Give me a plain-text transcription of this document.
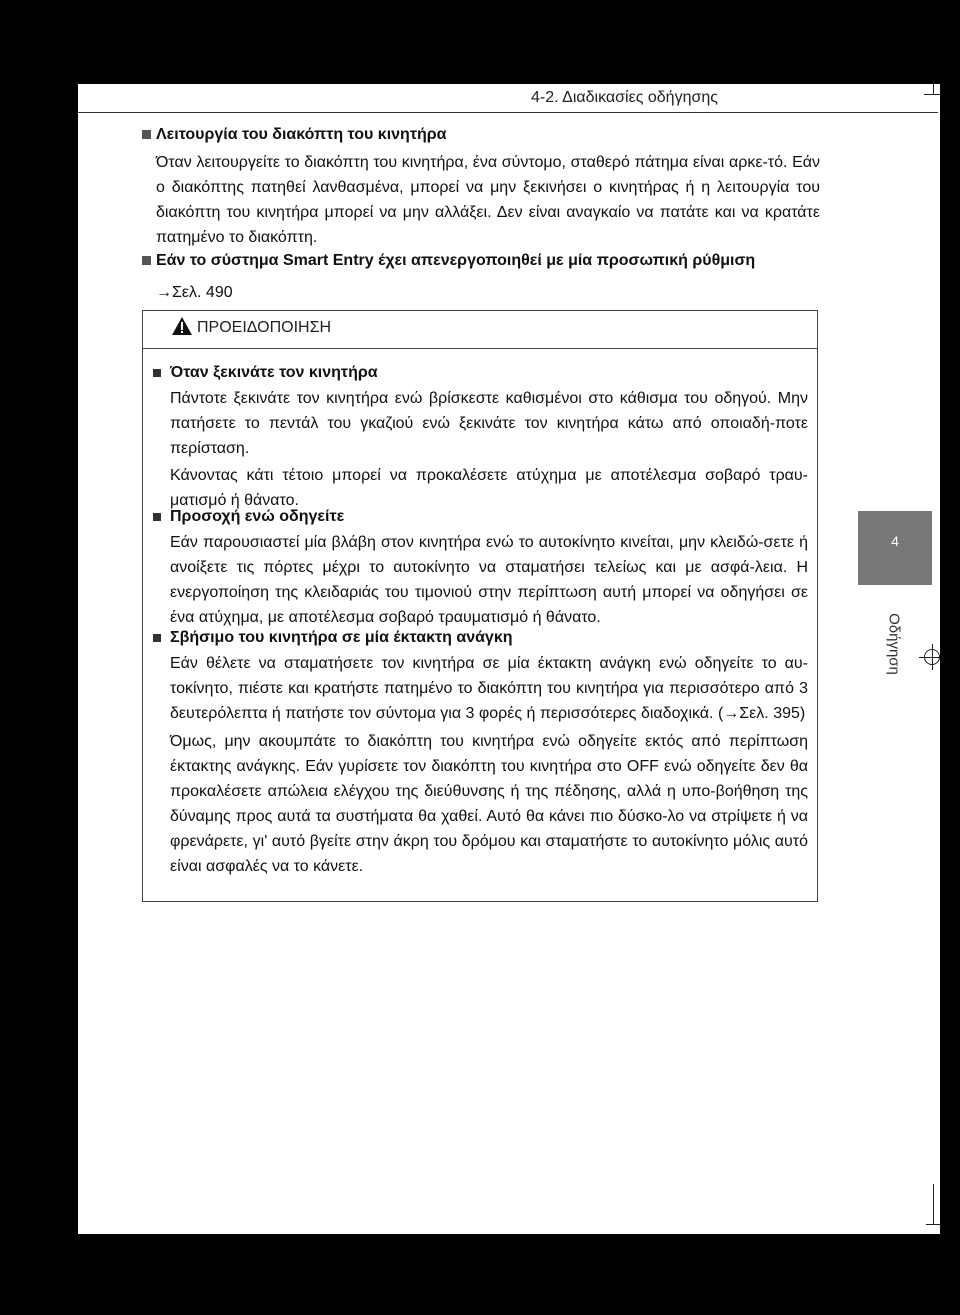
4-2. Διαδικασίες οδήγησης
4
Οδήγηση
Λειτουργία του διακόπτη του κινητήρα
Όταν λειτουργείτε το διακόπτη του κινητήρα, ένα σύντομο, σταθερό πάτημα είναι αρκε-τό. Εάν ο διακόπτης πατηθεί λανθασμένα, μπορεί να μην ξεκινήσει ο κινητήρας ή η λειτουργία του διακόπτη του κινητήρα μπορεί να μην αλλάξει. Δεν είναι αναγκαίο να πατάτε και να κρατάτε πατημένο το διακόπτη.
Εάν το σύστημα Smart Entry έχει απενεργοποιηθεί με μία προσωπική ρύθμιση
→Σελ. 490
ΠΡΟΕΙΔΟΠΟΙΗΣΗ
Όταν ξεκινάτε τον κινητήρα
Πάντοτε ξεκινάτε τον κινητήρα ενώ βρίσκεστε καθισμένοι στο κάθισμα του οδηγού. Μην πατήσετε το πεντάλ του γκαζιού ενώ ξεκινάτε τον κινητήρα κάτω από οποιαδή-ποτε περίσταση.
Κάνοντας κάτι τέτοιο μπορεί να προκαλέσετε ατύχημα με αποτέλεσμα σοβαρό τραυ-ματισμό ή θάνατο.
Προσοχή ενώ οδηγείτε
Εάν παρουσιαστεί μία βλάβη στον κινητήρα ενώ το αυτοκίνητο κινείται, μην κλειδώ-σετε ή ανοίξετε τις πόρτες μέχρι το αυτοκίνητο να σταματήσει τελείως και με ασφά-λεια. Η ενεργοποίηση της κλειδαριάς του τιμονιού στην περίπτωση αυτή μπορεί να οδηγήσει σε ένα ατύχημα, με αποτέλεσμα σοβαρό τραυματισμό ή θάνατο.
Σβήσιμο του κινητήρα σε μία έκτακτη ανάγκη
Εάν θέλετε να σταματήσετε τον κινητήρα σε μία έκτακτη ανάγκη ενώ οδηγείτε το αυ-τοκίνητο, πιέστε και κρατήστε πατημένο το διακόπτη του κινητήρα για περισσότερο από 3 δευτερόλεπτα ή πατήστε τον σύντομα για 3 φορές ή περισσότερες διαδοχικά. (→Σελ. 395)
Όμως, μην ακουμπάτε το διακόπτη του κινητήρα ενώ οδηγείτε εκτός από περίπτωση έκτακτης ανάγκης. Εάν γυρίσετε τον διακόπτη του κινητήρα στο OFF ενώ οδηγείτε δεν θα προκαλέσετε απώλεια ελέγχου της διεύθυνσης ή της πέδησης, αλλά η υπο-βοήθηση της δύναμης προς αυτά τα συστήματα θα χαθεί. Αυτό θα κάνει πιο δύσκο-λο να στρίψετε ή να φρενάρετε, γι' αυτό βγείτε στην άκρη του δρόμου και σταματήστε το αυτοκίνητο μόλις αυτό είναι ασφαλές να το κάνετε.
